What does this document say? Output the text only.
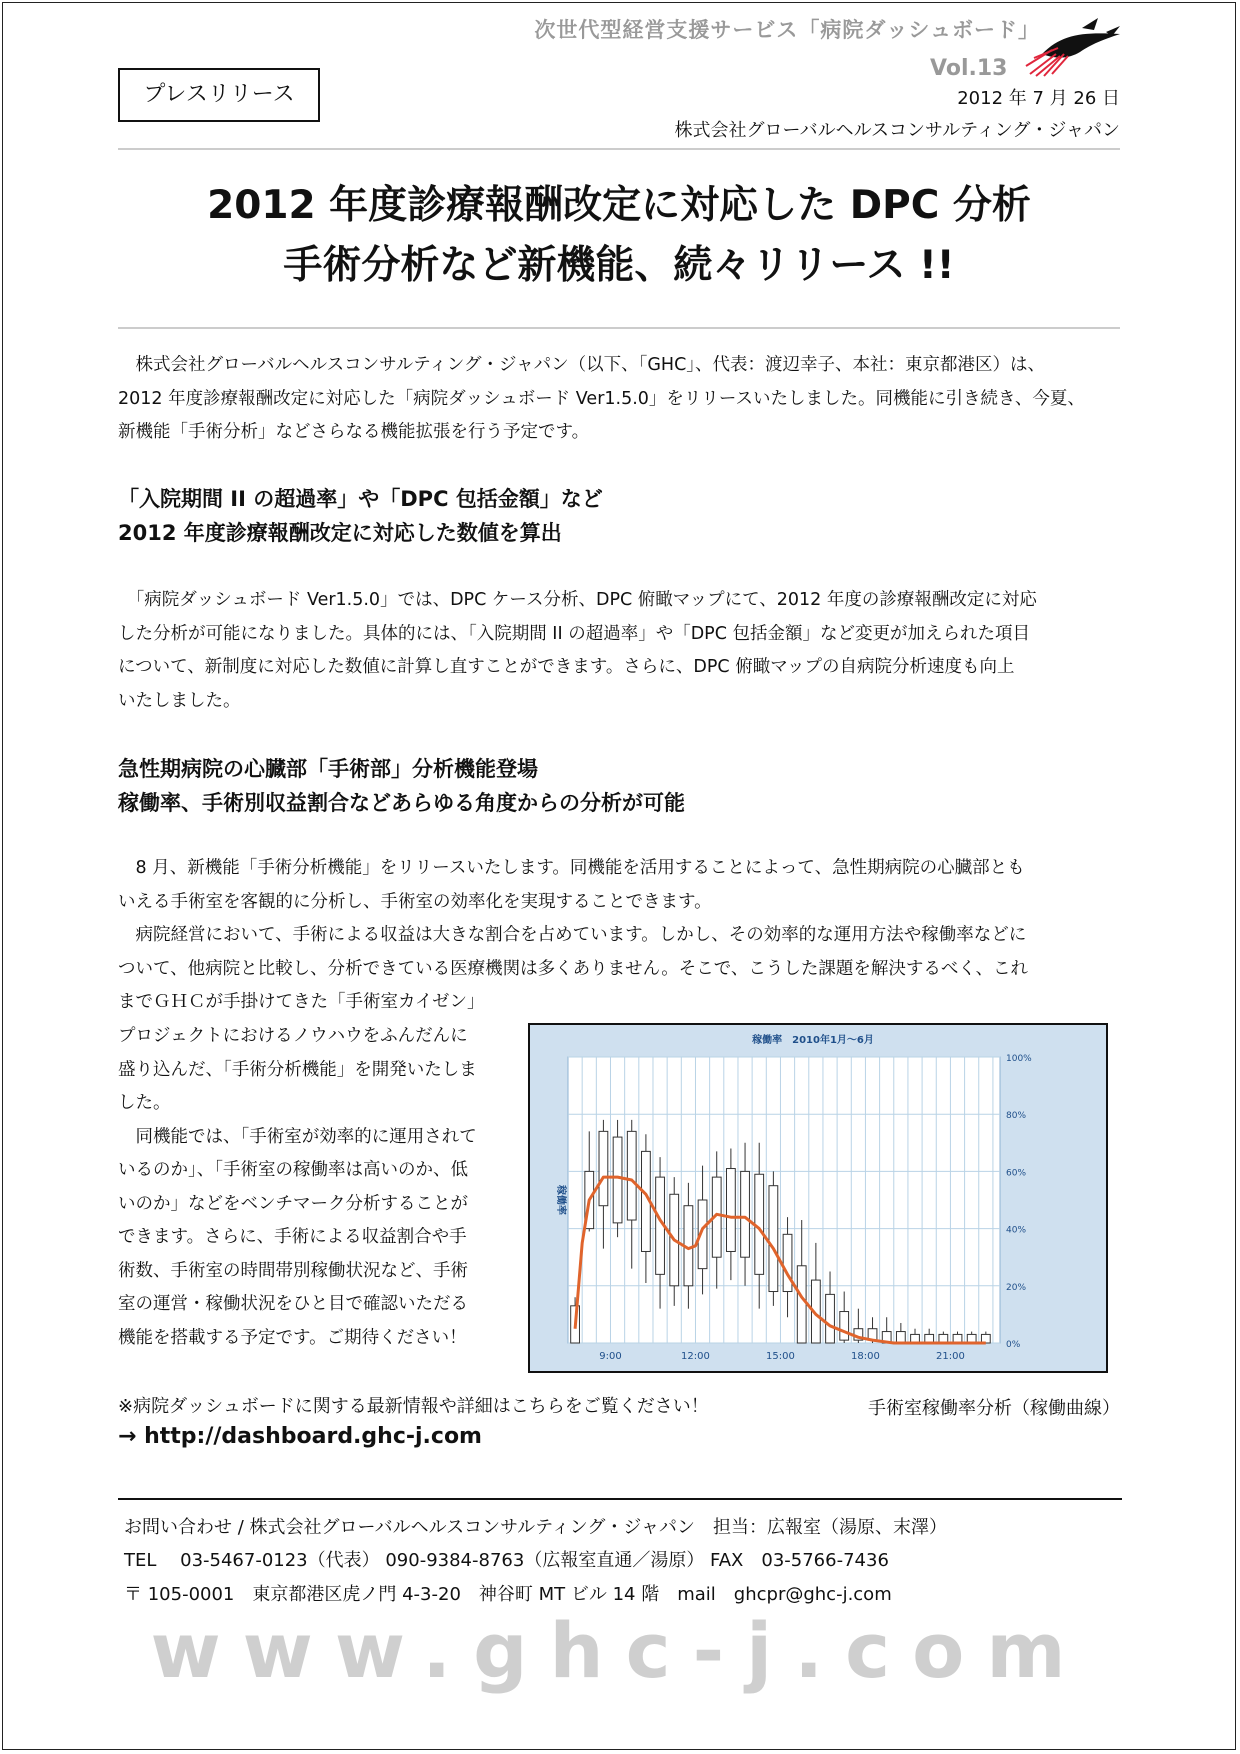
次世代型経営支援サービス「病院ダッシュボード」
Vol.13
プレスリリース	2012 年 7 月 26 日
株式会社グローバルヘルスコンサルティング・ジャパン
2012 年度診療報酬改定に対応した DPC 分析
手術分析など新機能、続々リリース !!
　株式会社グローバルヘルスコンサルティング・ジャパン（以下、「GHC」、代表：渡辺幸子、本社：東京都港区）は、
2012 年度診療報酬改定に対応した「病院ダッシュボード Ver1.5.0」をリリースいたしました。同機能に引き続き、今夏、
新機能「手術分析」などさらなる機能拡張を行う予定です。
「入院期間 II の超過率」や「DPC 包括金額」など
2012 年度診療報酬改定に対応した数値を算出
　「病院ダッシュボード Ver1.5.0」では、DPC ケース分析、DPC 俯瞰マップにて、2012 年度の診療報酬改定に対応
した分析が可能になりました。具体的には、「入院期間 II の超過率」や「DPC 包括金額」など変更が加えられた項目
について、新制度に対応した数値に計算し直すことができます。さらに、DPC 俯瞰マップの自病院分析速度も向上
いたしました。
急性期病院の心臓部「手術部」分析機能登場
稼働率、手術別収益割合などあらゆる角度からの分析が可能
　8 月、新機能「手術分析機能」をリリースいたします。同機能を活用することによって、急性期病院の心臓部とも
いえる手術室を客観的に分析し、手術室の効率化を実現することできます。
　病院経営において、手術による収益は大きな割合を占めています。しかし、その効率的な運用方法や稼働率などに
ついて、他病院と比較し、分析できている医療機関は多くありません。そこで、こうした課題を解決するべく、これ
までＧＨＣが手掛けてきた「手術室カイゼン」
プロジェクトにおけるノウハウをふんだんに
盛り込んだ、「手術分析機能」を開発いたしま
した。
　同機能では、「手術室が効率的に運用されて
いるのか」、「手術室の稼働率は高いのか、低
いのか」などをベンチマーク分析することが
できます。さらに、手術による収益割合や手
術数、手術室の時間帯別稼働状況など、手術
室の運営・稼働状況をひと目で確認いただる
機能を搭載する予定です。ご期待ください！
稼働率　2010年1月〜6月
稼働率
0%
20%
40%
60%
80%
100%
9:00	12:00	15:00	18:00	21:00
手術室稼働率分析（稼働曲線）
※病院ダッシュボードに関する最新情報や詳細はこちらをご覧ください！
→ http://dashboard.ghc-j.com
お問い合わせ / 株式会社グローバルヘルスコンサルティング・ジャパン　担当：広報室（湯原、末澤）
TEL　 03-5467-0123（代表） 090-9384-8763（広報室直通／湯原） FAX　03-5766-7436
〒 105-0001　東京都港区虎ノ門 4-3-20　神谷町 MT ビル 14 階　mail　ghcpr@ghc-j.com
www.ghc-j.com
